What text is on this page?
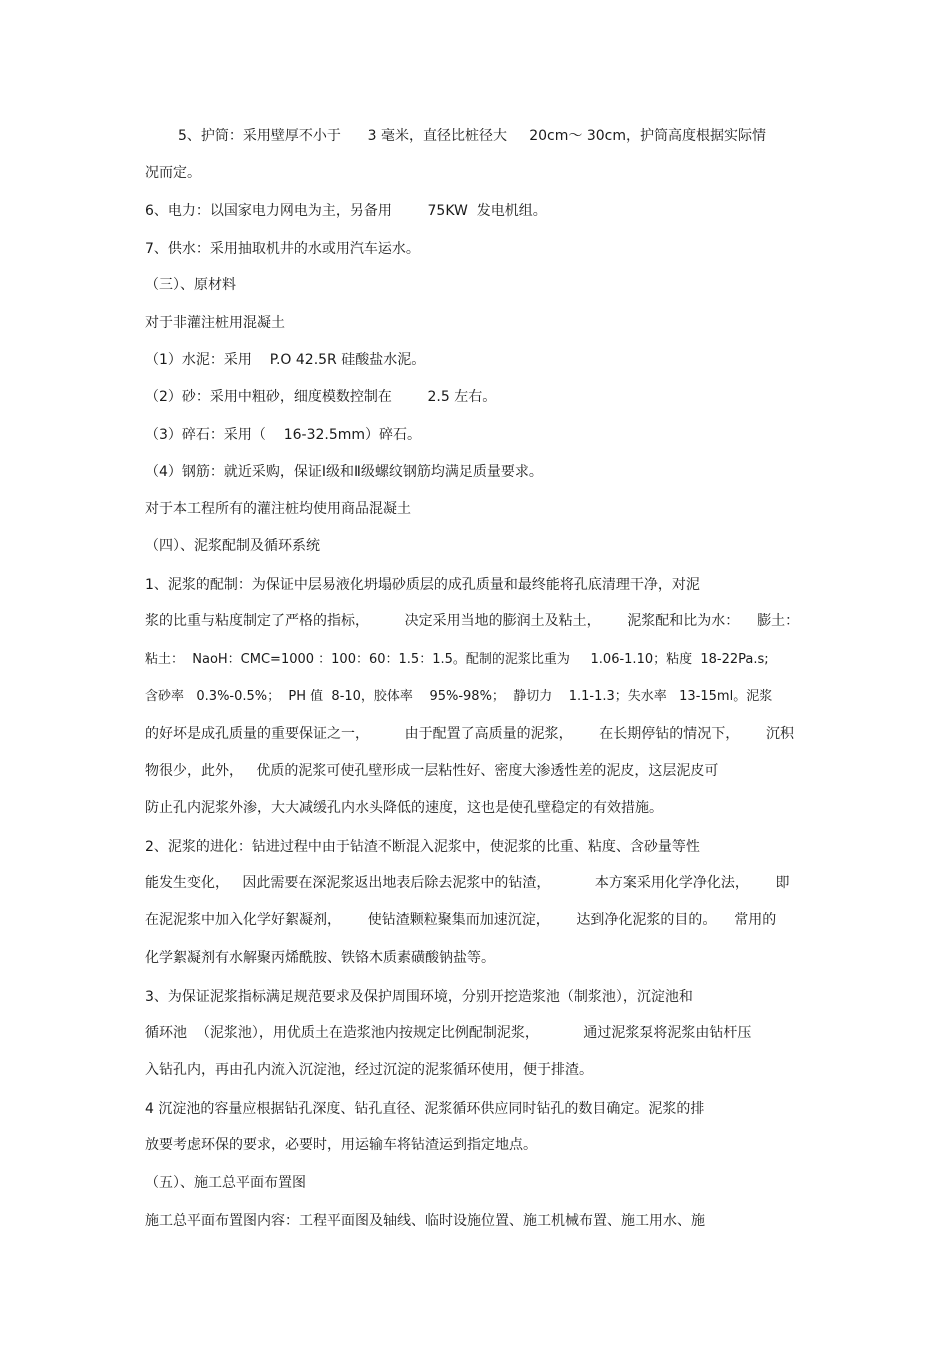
5、护筒：采用壁厚不小于      3 毫米，直径比桩径大     20cm～ 30cm，护筒高度根据实际情
况而定。
6、电力：以国家电力网电为主，另备用        75KW  发电机组。
7、供水：采用抽取机井的水或用汽车运水。
（三）、原材料
对于非灌注桩用混凝土
（1）水泥：采用    P.O 42.5R 硅酸盐水泥。
（2）砂：采用中粗砂，细度模数控制在        2.5 左右。
（3）碎石：采用（    16-32.5mm）碎石。
（4）钢筋：就近采购，保证Ⅰ级和Ⅱ级螺纹钢筋均满足质量要求。
对于本工程所有的灌注桩均使用商品混凝土
（四）、泥浆配制及循环系统
1、泥浆的配制：为保证中层易液化坍塌砂质层的成孔质量和最终能将孔底清理干净，对泥
浆的比重与粘度制定了严格的指标，        决定采用当地的膨润土及粘土，      泥浆配和比为水：    膨土：
粘土：  NaoH：CMC=1000 ：100：60：1.5：1.5。配制的泥浆比重为     1.06-1.10；粘度  18-22Pa.s;
含砂率   0.3%-0.5%；  PH 值  8-10，胶体率    95%-98%；  静切力    1.1-1.3；失水率   13-15ml。泥浆
的好坏是成孔质量的重要保证之一，        由于配置了高质量的泥浆，      在长期停钻的情况下，      沉积
物很少，此外，   优质的泥浆可使孔壁形成一层粘性好、密度大渗透性差的泥皮，这层泥皮可
防止孔内泥浆外渗，大大减缓孔内水头降低的速度，这也是使孔壁稳定的有效措施。
2、泥浆的进化：钻进过程中由于钻渣不断混入泥浆中，使泥浆的比重、粘度、含砂量等性
能发生变化，   因此需要在深泥浆返出地表后除去泥浆中的钻渣，          本方案采用化学净化法，      即
在泥泥浆中加入化学好絮凝剂，      使钻渣颗粒聚集而加速沉淀，      达到净化泥浆的目的。    常用的
化学絮凝剂有水解聚丙烯酰胺、铁铬木质素磺酸钠盐等。
3、为保证泥浆指标满足规范要求及保护周围环境，分别开挖造浆池（制浆池），沉淀池和
循环池  （泥浆池），用优质土在造浆池内按规定比例配制泥浆，          通过泥浆泵将泥浆由钻杆压
入钻孔内，再由孔内流入沉淀池，经过沉淀的泥浆循环使用，便于排渣。
4 沉淀池的容量应根据钻孔深度、钻孔直径、泥浆循环供应同时钻孔的数目确定。泥浆的排
放要考虑环保的要求，必要时，用运输车将钻渣运到指定地点。
（五）、施工总平面布置图
施工总平面布置图内容：工程平面图及轴线、临时设施位置、施工机械布置、施工用水、施
